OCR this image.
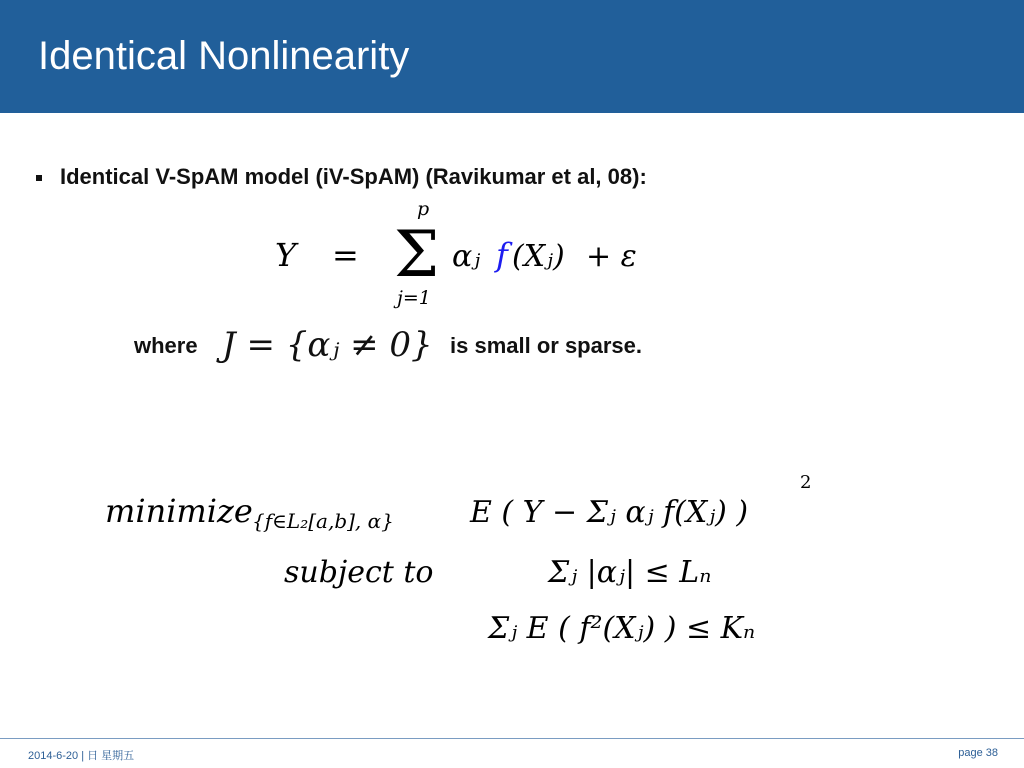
Identical Nonlinearity
Identical V-SpAM model (iV-SpAM) (Ravikumar et al, 08):
Y =
p
Σ
j=1
αⱼ f (Xⱼ) + ε
where J = {αⱼ ≠ 0} is small or sparse.
minimize {f∈L₂[a,b], α}	E ( Y − Σⱼ αⱼ f(Xⱼ) )
2
subject to	Σⱼ |αⱼ| ≤ Lₙ
Σⱼ E ( f²(Xⱼ) ) ≤ Kₙ
2014-6-20 | 日 星期五	page 38
